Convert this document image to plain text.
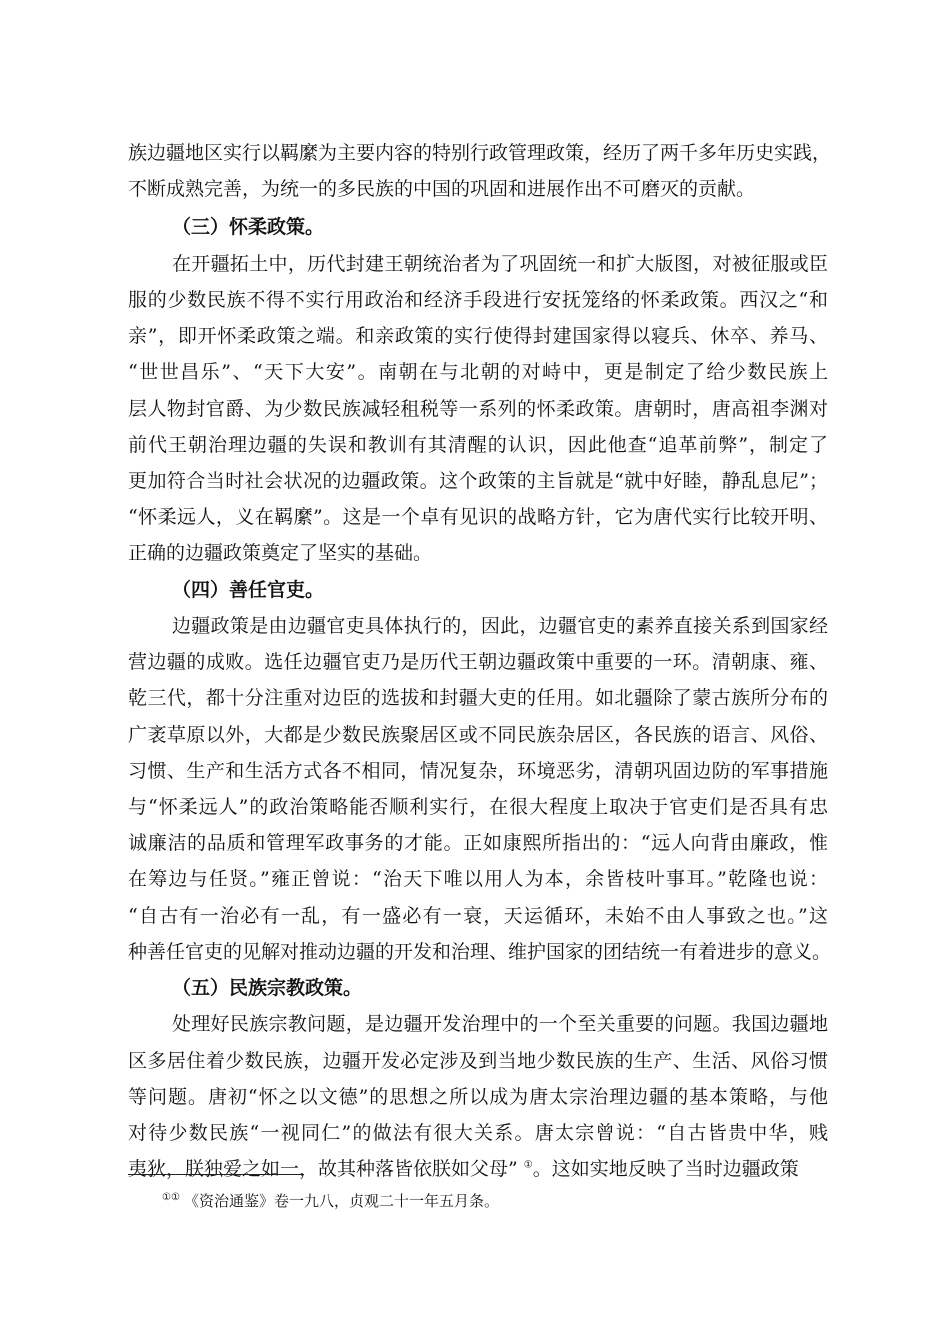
族边疆地区实行以羁縻为主要内容的特别行政管理政策，经历了两千多年历史实践，
不断成熟完善，为统一的多民族的中国的巩固和进展作出不可磨灭的贡献。
（三）怀柔政策。
在开疆拓土中，历代封建王朝统治者为了巩固统一和扩大版图，对被征服或臣
服的少数民族不得不实行用政治和经济手段进行安抚笼络的怀柔政策。西汉之“和
亲”，即开怀柔政策之端。和亲政策的实行使得封建国家得以寝兵、休卒、养马、
“世世昌乐”、“天下大安”。南朝在与北朝的对峙中，更是制定了给少数民族上
层人物封官爵、为少数民族减轻租税等一系列的怀柔政策。唐朝时，唐高祖李渊对
前代王朝治理边疆的失误和教训有其清醒的认识，因此他查“追革前弊”，制定了
更加符合当时社会状况的边疆政策。这个政策的主旨就是“就中好睦，静乱息尼”；
“怀柔远人，义在羁縻”。这是一个卓有见识的战略方针，它为唐代实行比较开明、
正确的边疆政策奠定了坚实的基础。
（四）善任官吏。
边疆政策是由边疆官吏具体执行的，因此，边疆官吏的素养直接关系到国家经
营边疆的成败。选任边疆官吏乃是历代王朝边疆政策中重要的一环。清朝康、雍、
乾三代，都十分注重对边臣的选拔和封疆大吏的任用。如北疆除了蒙古族所分布的
广袤草原以外，大都是少数民族聚居区或不同民族杂居区，各民族的语言、风俗、
习惯、生产和生活方式各不相同，情况复杂，环境恶劣，清朝巩固边防的军事措施
与“怀柔远人”的政治策略能否顺利实行，在很大程度上取决于官吏们是否具有忠
诚廉洁的品质和管理军政事务的才能。正如康熙所指出的：“远人向背由廉政，惟
在筹边与任贤。”雍正曾说：“治天下唯以用人为本，余皆枝叶事耳。”乾隆也说：
“自古有一治必有一乱，有一盛必有一衰，天运循环，未始不由人事致之也。”这
种善任官吏的见解对推动边疆的开发和治理、维护国家的团结统一有着进步的意义。
（五）民族宗教政策。
处理好民族宗教问题，是边疆开发治理中的一个至关重要的问题。我国边疆地
区多居住着少数民族，边疆开发必定涉及到当地少数民族的生产、生活、风俗习惯
等问题。唐初“怀之以文德”的思想之所以成为唐太宗治理边疆的基本策略，与他
对待少数民族“一视同仁”的做法有很大关系。唐太宗曾说：“自古皆贵中华，贱
夷狄，朕独爱之如一，故其种落皆依朕如父母” ①。这如实地反映了当时边疆政策
①① 《资治通鉴》卷一九八，贞观二十一年五月条。
